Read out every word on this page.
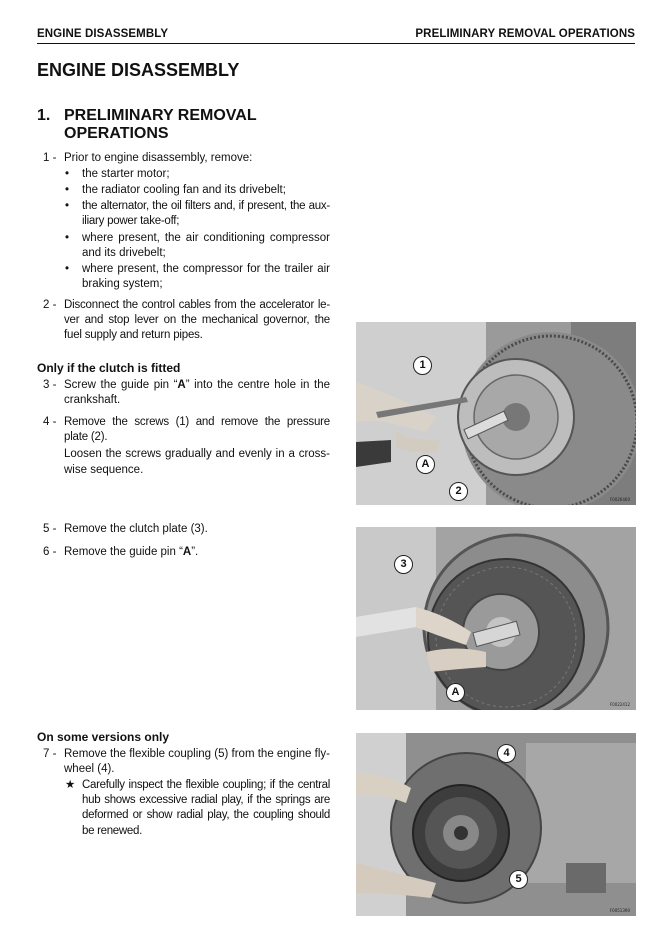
ENGINE DISASSEMBLY	PRELIMINARY REMOVAL OPERATIONS
ENGINE DISASSEMBLY
1. PRELIMINARY REMOVAL
OPERATIONS
1 - Prior to engine disassembly, remove:
• the starter motor;
• the radiator cooling fan and its drivebelt;
• the alternator, the oil filters and, if present, the aux-iliary power take-off;
• where present, the air conditioning compressor and its drivebelt;
• where present, the compressor for the trailer air braking system;
2 - Disconnect the control cables from the accelerator le-ver and stop lever on the mechanical governor, the fuel supply and return pipes.
Only if the clutch is fitted
3 - Screw the guide pin “A” into the centre hole in the crankshaft.
4 - Remove the screws (1) and remove the pressure plate (2).
Loosen the screws gradually and evenly in a cross-wise sequence.
5 - Remove the clutch plate (3).
6 - Remove the guide pin “A”.
On some versions only
7 - Remove the flexible coupling (5) from the engine fly-wheel (4).
★ Carefully inspect the flexible coupling; if the central hub shows excessive radial play, if the springs are deformed or show radial play, the coupling should be renewed.
1
A
2
F0026460
3
A
F0022412
4
5
F0051390
